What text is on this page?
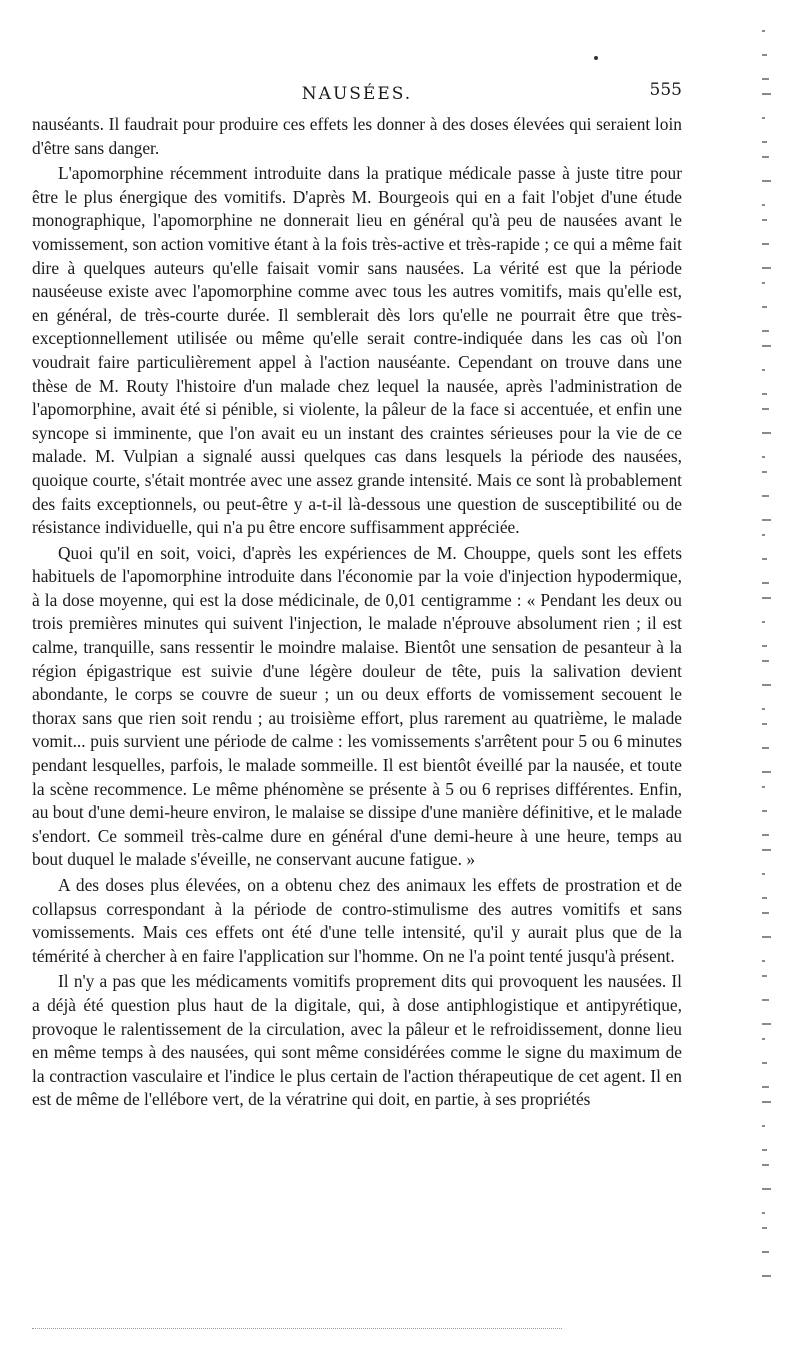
NAUSÉES.	555

nauséants. Il faudrait pour produire ces effets les donner à des doses élevées qui seraient loin d'être sans danger.

L'apomorphine récemment introduite dans la pratique médicale passe à juste titre pour être le plus énergique des vomitifs. D'après M. Bourgeois qui en a fait l'objet d'une étude monographique, l'apomorphine ne donnerait lieu en général qu'à peu de nausées avant le vomissement, son action vomitive étant à la fois très-active et très-rapide ; ce qui a même fait dire à quelques auteurs qu'elle faisait vomir sans nausées. La vérité est que la période nauséeuse existe avec l'apomorphine comme avec tous les autres vomitifs, mais qu'elle est, en général, de très-courte durée. Il semblerait dès lors qu'elle ne pourrait être que très-exceptionnellement utilisée ou même qu'elle serait contre-indiquée dans les cas où l'on voudrait faire particulièrement appel à l'action nauséante. Cependant on trouve dans une thèse de M. Routy l'histoire d'un malade chez lequel la nausée, après l'administration de l'apomorphine, avait été si pénible, si violente, la pâleur de la face si accentuée, et enfin une syncope si imminente, que l'on avait eu un instant des craintes sérieuses pour la vie de ce malade. M. Vulpian a signalé aussi quelques cas dans lesquels la période des nausées, quoique courte, s'était montrée avec une assez grande intensité. Mais ce sont là probablement des faits exceptionnels, ou peut-être y a-t-il là-dessous une question de susceptibilité ou de résistance individuelle, qui n'a pu être encore suffisamment appréciée.

Quoi qu'il en soit, voici, d'après les expériences de M. Chouppe, quels sont les effets habituels de l'apomorphine introduite dans l'économie par la voie d'injection hypodermique, à la dose moyenne, qui est la dose médicinale, de 0,01 centigramme : « Pendant les deux ou trois premières minutes qui suivent l'injection, le malade n'éprouve absolument rien ; il est calme, tranquille, sans ressentir le moindre malaise. Bientôt une sensation de pesanteur à la région épigastrique est suivie d'une légère douleur de tête, puis la salivation devient abondante, le corps se couvre de sueur ; un ou deux efforts de vomissement secouent le thorax sans que rien soit rendu ; au troisième effort, plus rarement au quatrième, le malade vomit... puis survient une période de calme : les vomissements s'arrêtent pour 5 ou 6 minutes pendant lesquelles, parfois, le malade sommeille. Il est bientôt éveillé par la nausée, et toute la scène recommence. Le même phénomène se présente à 5 ou 6 reprises différentes. Enfin, au bout d'une demi-heure environ, le malaise se dissipe d'une manière définitive, et le malade s'endort. Ce sommeil très-calme dure en général d'une demi-heure à une heure, temps au bout duquel le malade s'éveille, ne conservant aucune fatigue. »

A des doses plus élevées, on a obtenu chez des animaux les effets de prostration et de collapsus correspondant à la période de contro-stimulisme des autres vomitifs et sans vomissements. Mais ces effets ont été d'une telle intensité, qu'il y aurait plus que de la témérité à chercher à en faire l'application sur l'homme. On ne l'a point tenté jusqu'à présent.

Il n'y a pas que les médicaments vomitifs proprement dits qui provoquent les nausées. Il a déjà été question plus haut de la digitale, qui, à dose antiphlogistique et antipyrétique, provoque le ralentissement de la circulation, avec la pâleur et le refroidissement, donne lieu en même temps à des nausées, qui sont même considérées comme le signe du maximum de la contraction vasculaire et l'indice le plus certain de l'action thérapeutique de cet agent. Il en est de même de l'ellébore vert, de la vératrine qui doit, en partie, à ses propriétés
